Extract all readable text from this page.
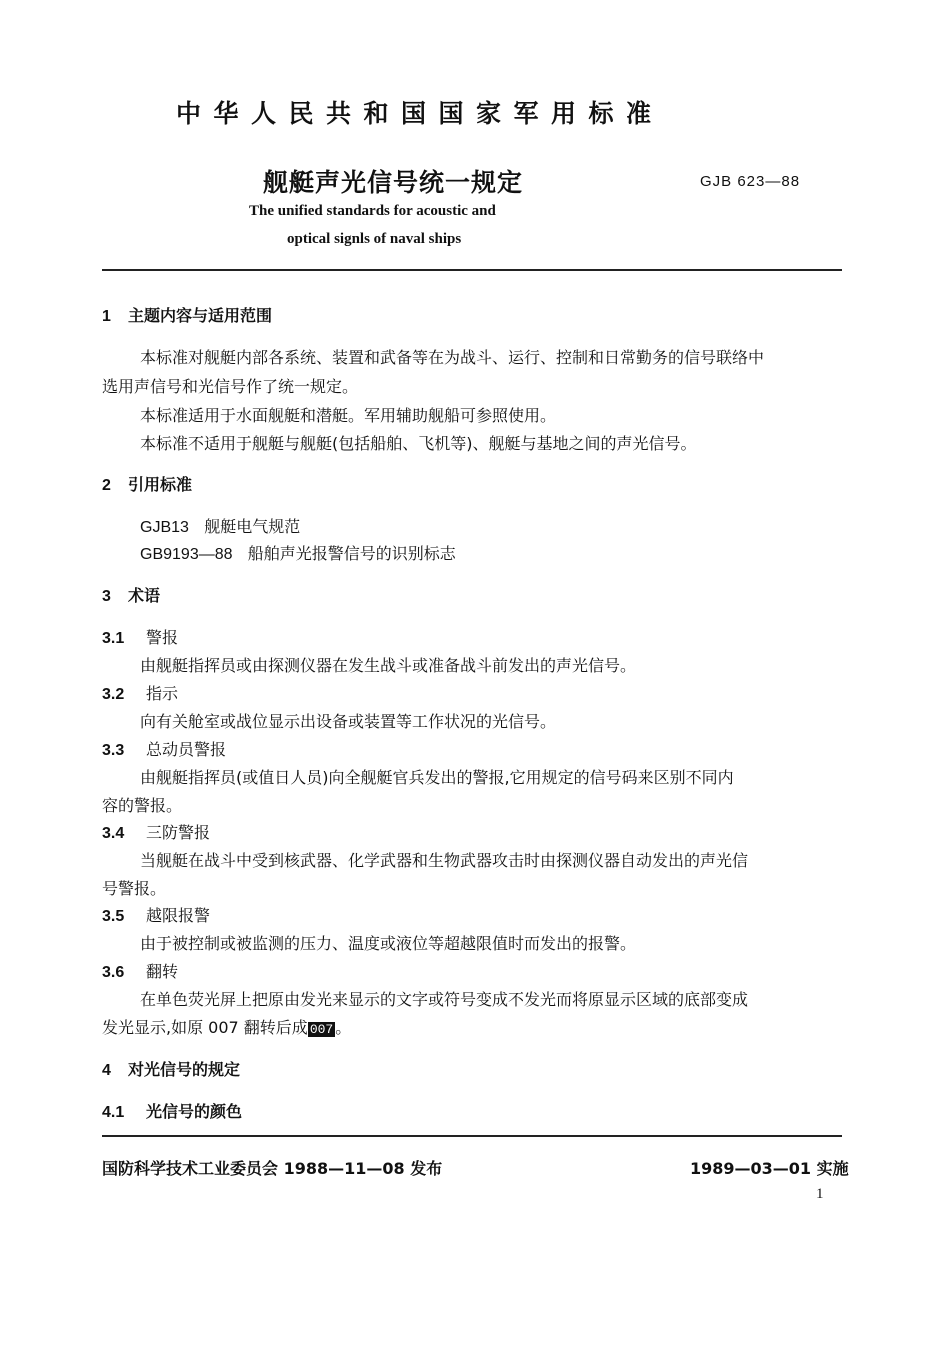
中华人民共和国国家军用标准
舰艇声光信号统一规定	GJB 623—88
The unified standards for acoustic and
optical signls of naval ships
1 主题内容与适用范围
本标准对舰艇内部各系统、装置和武备等在为战斗、运行、控制和日常勤务的信号联络中
选用声信号和光信号作了统一规定。
本标准适用于水面舰艇和潜艇。军用辅助舰船可参照使用。
本标准不适用于舰艇与舰艇(包括船舶、飞机等)、舰艇与基地之间的声光信号。
2 引用标准
GJB13 舰艇电气规范
GB9193—88 船舶声光报警信号的识别标志
3 术语
3.1 警报
由舰艇指挥员或由探测仪器在发生战斗或准备战斗前发出的声光信号。
3.2 指示
向有关舱室或战位显示出设备或装置等工作状况的光信号。
3.3 总动员警报
由舰艇指挥员(或值日人员)向全舰艇官兵发出的警报,它用规定的信号码来区别不同内
容的警报。
3.4 三防警报
当舰艇在战斗中受到核武器、化学武器和生物武器攻击时由探测仪器自动发出的声光信
号警报。
3.5 越限报警
由于被控制或被监测的压力、温度或液位等超越限值时而发出的报警。
3.6 翻转
在单色荧光屏上把原由发光来显示的文字或符号变成不发光而将原显示区域的底部变成
发光显示,如原 007 翻转后成 007 。
4 对光信号的规定
4.1 光信号的颜色
国防科学技术工业委员会 1988—11—08 发布	1989—03—01 实施
1
